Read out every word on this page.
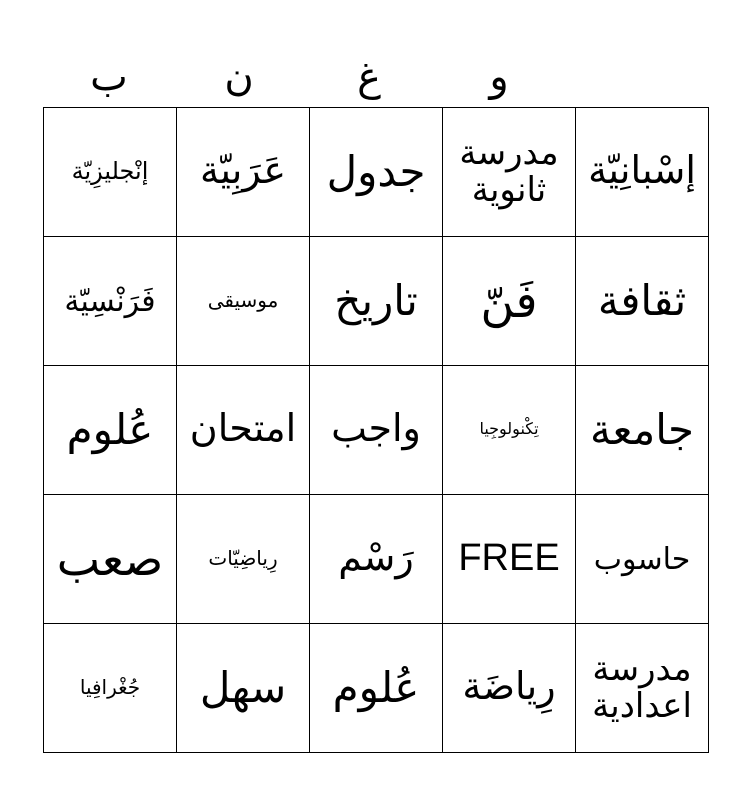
ب	ن	غ	و
إنْجليزِيّة	عَرَبِيّة	جدول	مدرسة ثانوية	إسْبانِيّة
فَرَنْسِيّة	موسيقى	تاريخ	فَنّ	ثقافة
عُلوم	امتحان	واجب	تِكْنولوجِيا	جامعة
صعب	رِياضِيّات	رَسْم	FREE	حاسوب
جُغْرافِيا	سهل	عُلوم	رِياضَة	مدرسة اعدادية
